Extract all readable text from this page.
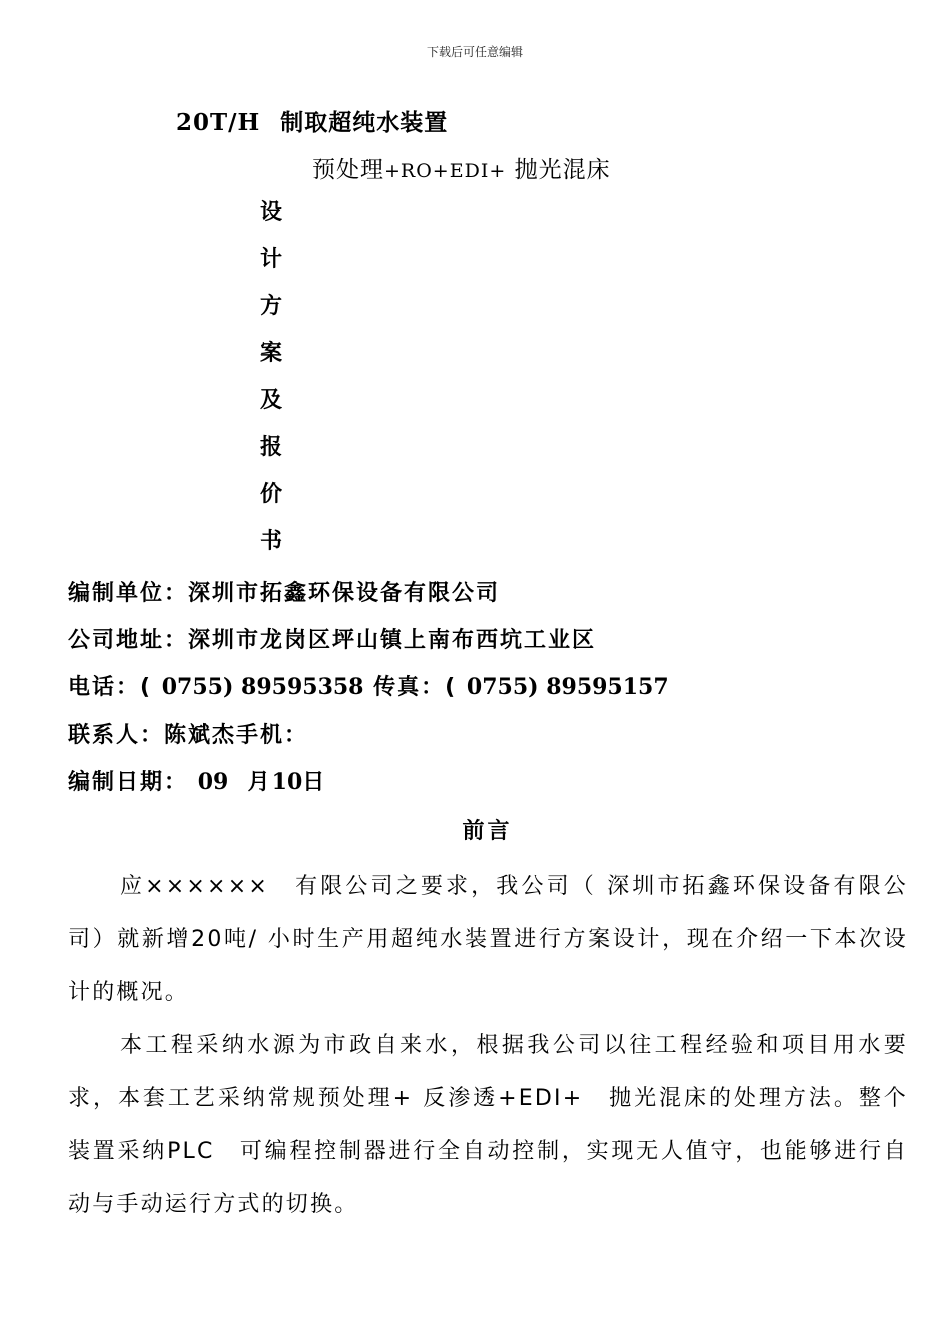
下载后可任意编辑
20T/H 制取超纯水装置
预处理+RO+EDI+ 抛光混床
设
计
方
案
及
报
价
书
编制单位：深圳市拓鑫环保设备有限公司
公司地址：深圳市龙岗区坪山镇上南布西坑工业区
电话：( 0755) 89595358 传真：( 0755) 89595157
联系人：陈斌杰手机：
编制日期： 09 月10日
前言

应××××××　有限公司之要求，我公司（ 深圳市拓鑫环保设备有限公司）就新增20吨/ 小时生产用超纯水装置进行方案设计，现在介绍一下本次设计的概况。

本工程采纳水源为市政自来水，根据我公司以往工程经验和项目用水要求，本套工艺采纳常规预处理+ 反渗透+EDI+　抛光混床的处理方法。整个装置采纳PLC　可编程控制器进行全自动控制，实现无人值守，也能够进行自动与手动运行方式的切换。
